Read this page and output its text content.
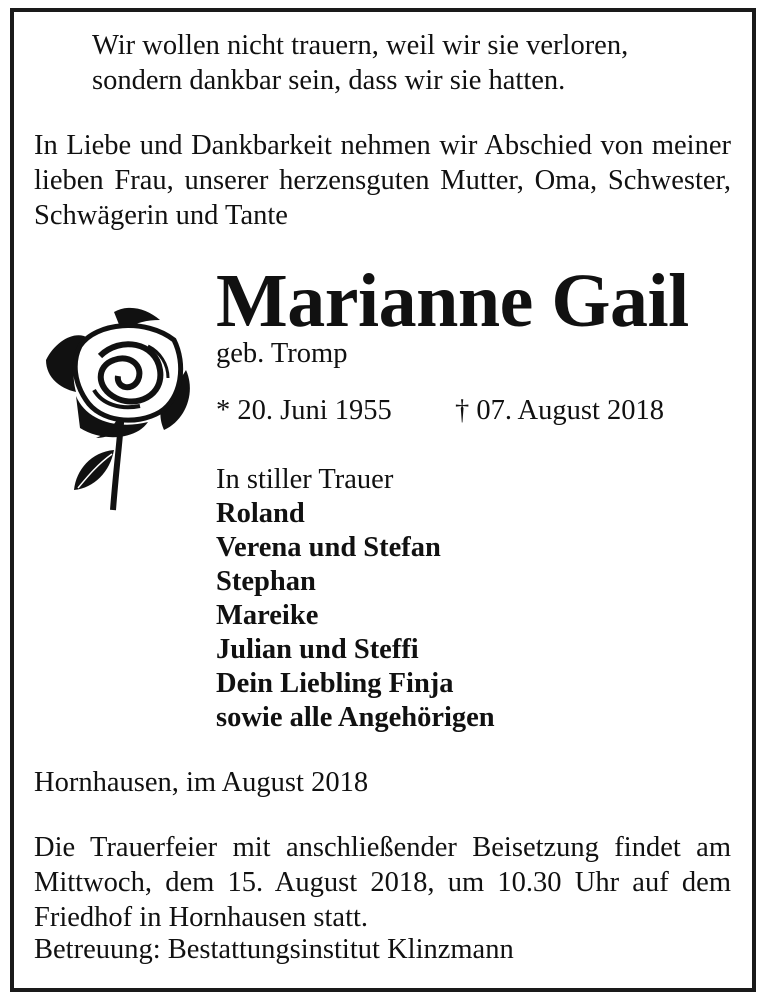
Wir wollen nicht trauern, weil wir sie verloren,

sondern dankbar sein, dass wir sie hatten.

In Liebe und Dankbarkeit nehmen wir Abschied von meiner lieben Frau, unserer herzensguten Mutter, Oma, Schwester, Schwägerin und Tante

Marianne Gail

geb. Tromp

* 20. Juni 1955 † 07. August 2018

In stiller Trauer

Roland

Verena und Stefan

Stephan

Mareike

Julian und Steffi

Dein Liebling Finja

sowie alle Angehörigen

Hornhausen, im August 2018

Die Trauerfeier mit anschließender Beisetzung findet am Mittwoch, dem 15. August 2018, um 10.30 Uhr auf dem Friedhof in Hornhausen statt.

Betreuung: Bestattungsinstitut Klinzmann
